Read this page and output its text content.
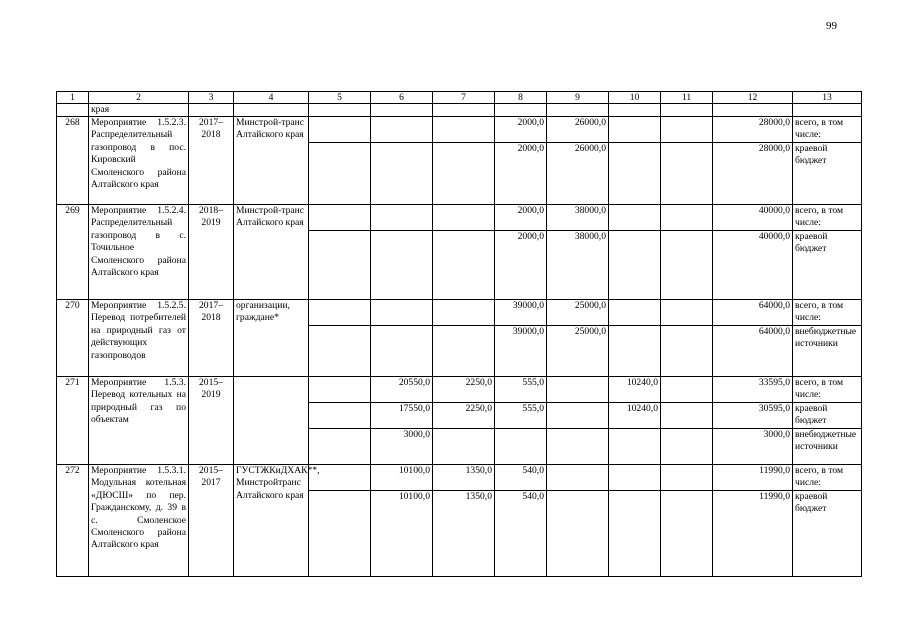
99
1	2	3	4	5	6	7	8	9	10	11	12	13
	края											
268	Мероприятие 1.5.2.3. Распределительный газопровод в пос. Кировский Смоленского района Алтайского края	2017–2018	Минстрой-транс Алтайского края				2000,0	26000,0			28000,0	всего, в том числе:
							2000,0	26000,0			28000,0	краевой бюджет
269	Мероприятие 1.5.2.4. Распределительный газопровод в с. Точильное Смоленского района Алтайского края	2018–2019	Минстрой-транс Алтайского края				2000,0	38000,0			40000,0	всего, в том числе:
							2000,0	38000,0			40000,0	краевой бюджет
270	Мероприятие 1.5.2.5. Перевод потребителей на природный газ от действующих газопроводов	2017–2018	организации, граждане*				39000,0	25000,0			64000,0	всего, в том числе:
							39000,0	25000,0			64000,0	внебюджетные источники
271	Мероприятие 1.5.3. Перевод котельных на природный газ по объектам	2015–2019			20550,0	2250,0	555,0		10240,0		33595,0	всего, в том числе:
					17550,0	2250,0	555,0		10240,0		30595,0	краевой бюджет
					3000,0						3000,0	внебюджетные источники
272	Мероприятие 1.5.3.1. Модульная котельная «ДЮСШ» по пер. Гражданскому, д. 39 в с. Смоленское Смоленского района Алтайского края	2015–2017	ГУСТЖКиДХАК**, Минстройтранс Алтайского края		10100,0	1350,0	540,0				11990,0	всего, в том числе:
					10100,0	1350,0	540,0				11990,0	краевой бюджет
